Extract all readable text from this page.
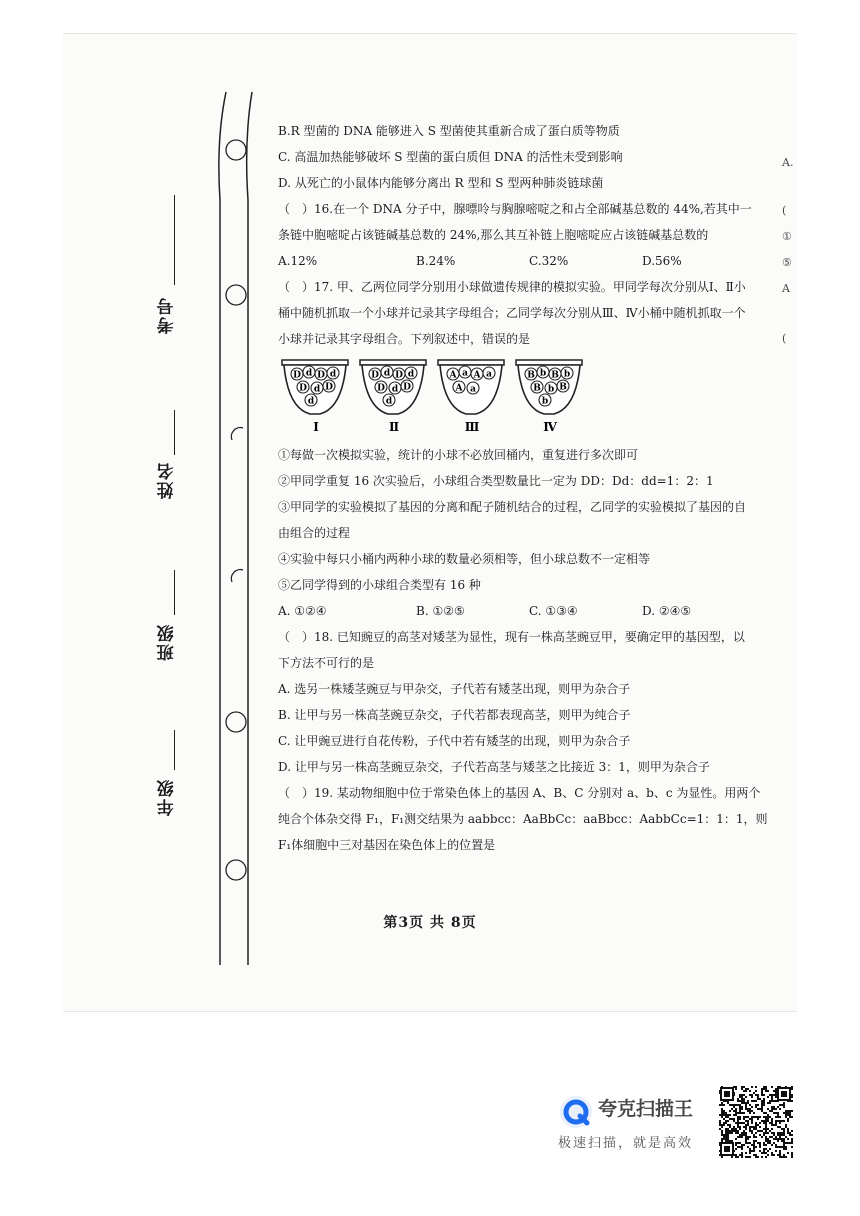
考号
姓名
班级
年级
A.
(
①
⑤
A
(

B.R 型菌的 DNA 能够进入 S 型菌使其重新合成了蛋白质等物质

C. 高温加热能够破坏 S 型菌的蛋白质但 DNA 的活性未受到影响

D. 从死亡的小鼠体内能够分离出 R 型和 S 型两种肺炎链球菌

（　）16.在一个 DNA 分子中，腺嘌呤与胸腺嘧啶之和占全部碱基总数的 44%,若其中一

条链中胞嘧啶占该链碱基总数的 24%,那么其互补链上胞嘧啶应占该链碱基总数的

A.12%	B.24%	C.32%	D.56%

（　）17. 甲、乙两位同学分别用小球做遗传规律的模拟实验。甲同学每次分别从Ⅰ、Ⅱ小

桶中随机抓取一个小球并记录其字母组合；乙同学每次分别从Ⅲ、Ⅳ小桶中随机抓取一个

小球并记录其字母组合。下列叙述中，错误的是

D d D d
D d D
d
Ⅰ
D d D d
D d D
d
Ⅱ
A a A a
A a
Ⅲ
B b B b
B b B
b
Ⅳ

①每做一次模拟实验，统计的小球不必放回桶内，重复进行多次即可

②甲同学重复 16 次实验后，小球组合类型数量比一定为 DD：Dd：dd=1：2：1

③甲同学的实验模拟了基因的分离和配子随机结合的过程，乙同学的实验模拟了基因的自

由组合的过程

④实验中每只小桶内两种小球的数量必须相等，但小球总数不一定相等

⑤乙同学得到的小球组合类型有 16 种

A. ①②④	B. ①②⑤	C. ①③④	D. ②④⑤

（　）18. 已知豌豆的高茎对矮茎为显性，现有一株高茎豌豆甲，要确定甲的基因型，以

下方法不可行的是

A. 选另一株矮茎豌豆与甲杂交，子代若有矮茎出现，则甲为杂合子

B. 让甲与另一株高茎豌豆杂交，子代若都表现高茎，则甲为纯合子

C. 让甲豌豆进行自花传粉，子代中若有矮茎的出现，则甲为杂合子

D. 让甲与另一株高茎豌豆杂交，子代若高茎与矮茎之比接近 3：1，则甲为杂合子

（　）19. 某动物细胞中位于常染色体上的基因 A、B、C 分别对 a、b、c 为显性。用两个

纯合个体杂交得 F₁，F₁测交结果为 aabbcc：AaBbCc：aaBbcc：AabbCc=1：1：1，则

F₁体细胞中三对基因在染色体上的位置是

第3页 共 8页
夸克扫描王
极速扫描，就是高效
